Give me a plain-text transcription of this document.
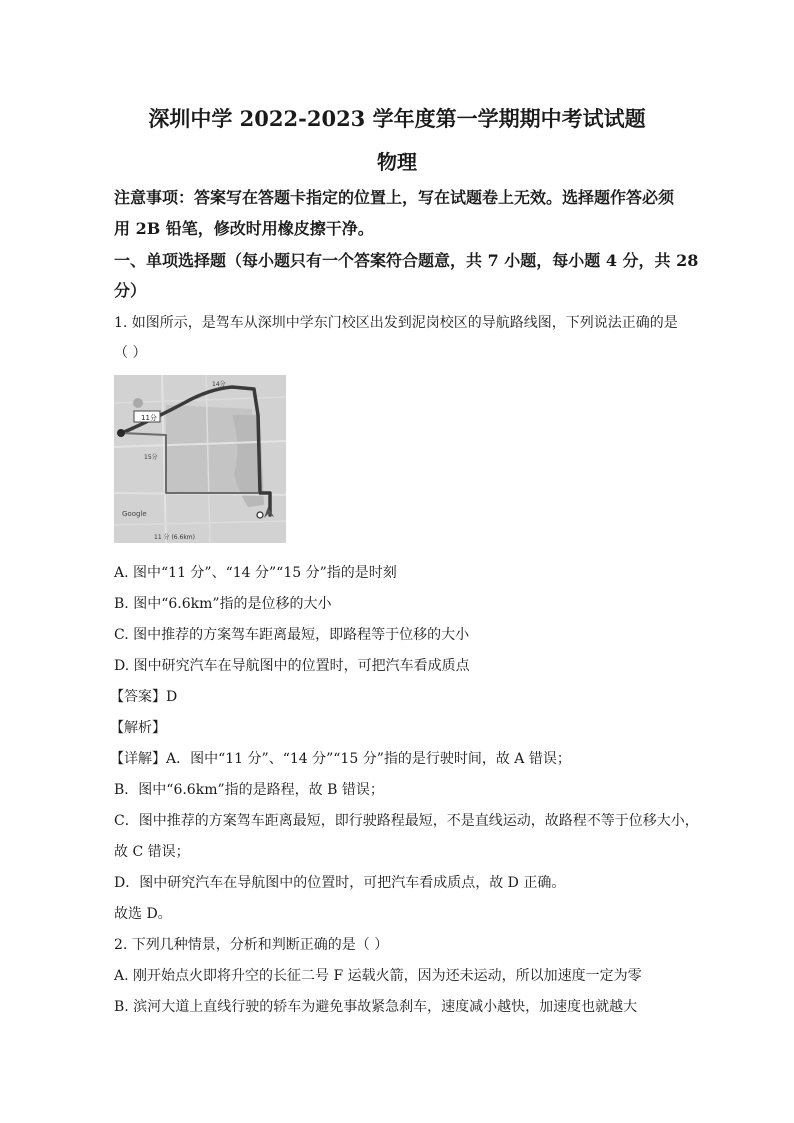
深圳中学 2022-2023 学年度第一学期期中考试试题
物理
注意事项：答案写在答题卡指定的位置上，写在试题卷上无效。选择题作答必须
用 2B 铅笔，修改时用橡皮擦干净。
一、单项选择题（每小题只有一个答案符合题意，共 7 小题，每小题 4 分，共 28
分）
1. 如图所示，是驾车从深圳中学东门校区出发到泥岗校区的导航路线图，下列说法正确的是
（ ）
11分
14分
15分
Google
11 分 (6.6km)
A. 图中“11 分”、“14 分”“15 分”指的是时刻
B. 图中“6.6km”指的是位移的大小
C. 图中推荐的方案驾车距离最短，即路程等于位移的大小
D. 图中研究汽车在导航图中的位置时，可把汽车看成质点
【答案】D
【解析】
【详解】A．图中“11 分”、“14 分”“15 分”指的是行驶时间，故 A 错误；
B．图中“6.6km”指的是路程，故 B 错误；
C．图中推荐的方案驾车距离最短，即行驶路程最短，不是直线运动，故路程不等于位移大小，
故 C 错误；
D．图中研究汽车在导航图中的位置时，可把汽车看成质点，故 D 正确。
故选 D。
2. 下列几种情景，分析和判断正确的是（ ）
A. 刚开始点火即将升空的长征二号 F 运载火箭，因为还未运动，所以加速度一定为零
B. 滨河大道上直线行驶的轿车为避免事故紧急刹车，速度减小越快，加速度也就越大
